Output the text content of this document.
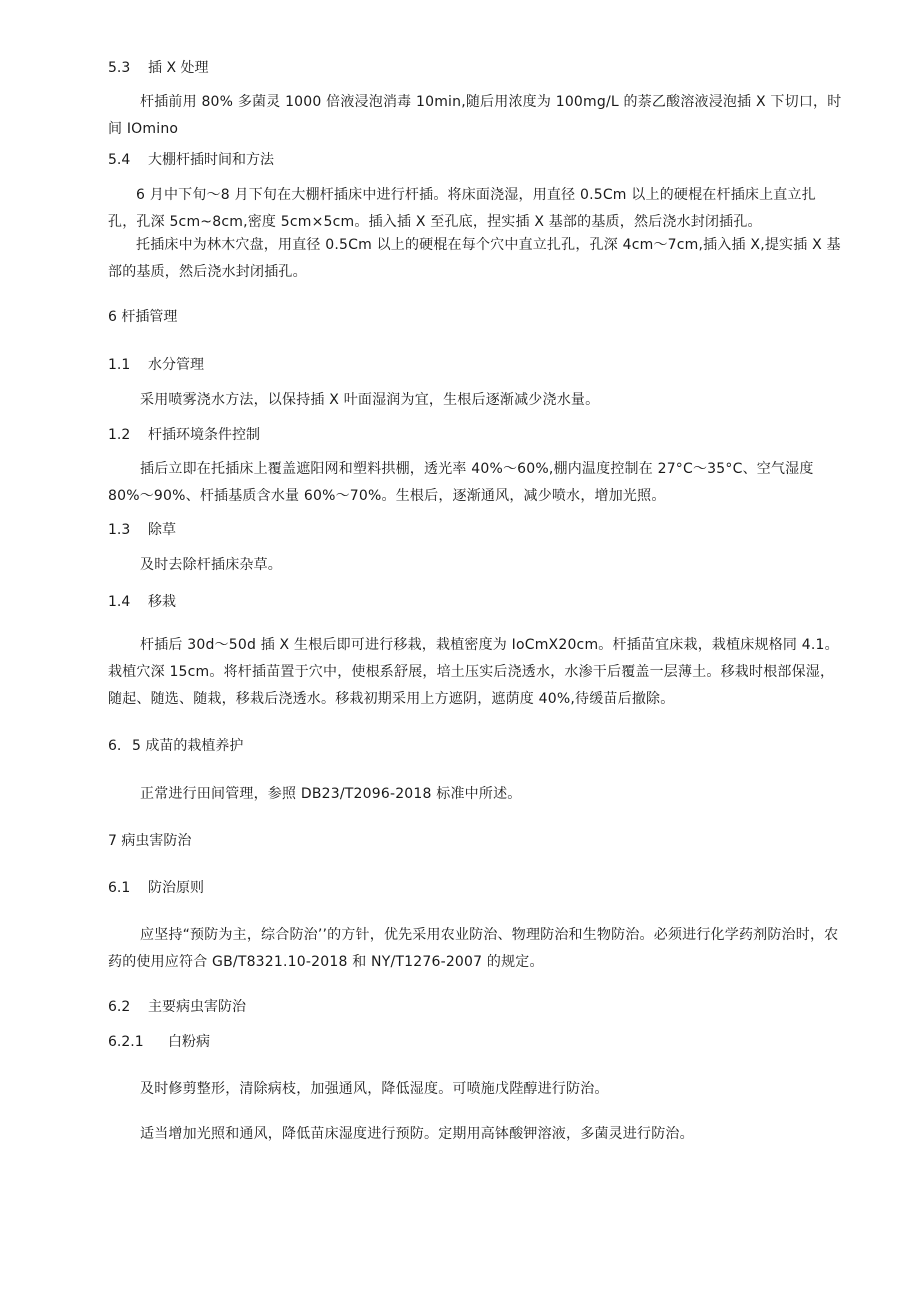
5.3 插 X 处理
杆插前用 80% 多菌灵 1000 倍液浸泡消毒 10min,随后用浓度为 100mg/L 的萘乙酸溶液浸泡插 X 下切口，时间 IOmino
5.4 大棚杆插时间和方法
6 月中下旬～8 月下旬在大棚杆插床中进行杆插。将床面浇湿，用直径 0.5Cm 以上的硬棍在杆插床上直立扎孔，孔深 5cm~8cm,密度 5cm×5cm。插入插 X 至孔底，捏实插 X 基部的基质，然后浇水封闭插孔。
托插床中为林木穴盘，用直径 0.5Cm 以上的硬棍在每个穴中直立扎孔，孔深 4cm～7cm,插入插 X,提实插 X 基部的基质，然后浇水封闭插孔。
6 杆插管理
1.1 水分管理
采用喷雾浇水方法，以保持插 X 叶面湿润为宜，生根后逐渐减少浇水量。
1.2 杆插环境条件控制
插后立即在托插床上覆盖遮阳网和塑料拱棚，透光率 40%～60%,棚内温度控制在 27°C～35°C、空气湿度 80%～90%、杆插基质含水量 60%～70%。生根后，逐渐通风，减少喷水，增加光照。
1.3 除草
及时去除杆插床杂草。
1.4 移栽
杆插后 30d～50d 插 X 生根后即可进行移栽，栽植密度为 IoCmX20cm。杆插苗宜床栽，栽植床规格同 4.1。栽植穴深 15cm。将杆插苗置于穴中，使根系舒展，培土压实后浇透水，水渗干后覆盖一层薄土。移栽时根部保湿，随起、随选、随栽，移栽后浇透水。移栽初期采用上方遮阴，遮荫度 40%,待缓苗后撤除。
6. 5 成苗的栽植养护
正常进行田间管理，参照 DB23/T2096-2018 标准中所述。
7 病虫害防治
6.1 防治原则
应坚持“预防为主，综合防治’’的方针，优先采用农业防治、物理防治和生物防治。必须进行化学药剂防治时，农药的使用应符合 GB/T8321.10-2018 和 NY/T1276-2007 的规定。
6.2 主要病虫害防治
6.2.1 白粉病
及时修剪整形，清除病枝，加强通风，降低湿度。可喷施戊陛醇进行防治。
适当增加光照和通风，降低苗床湿度进行预防。定期用高钵酸钾溶液，多菌灵进行防治。
